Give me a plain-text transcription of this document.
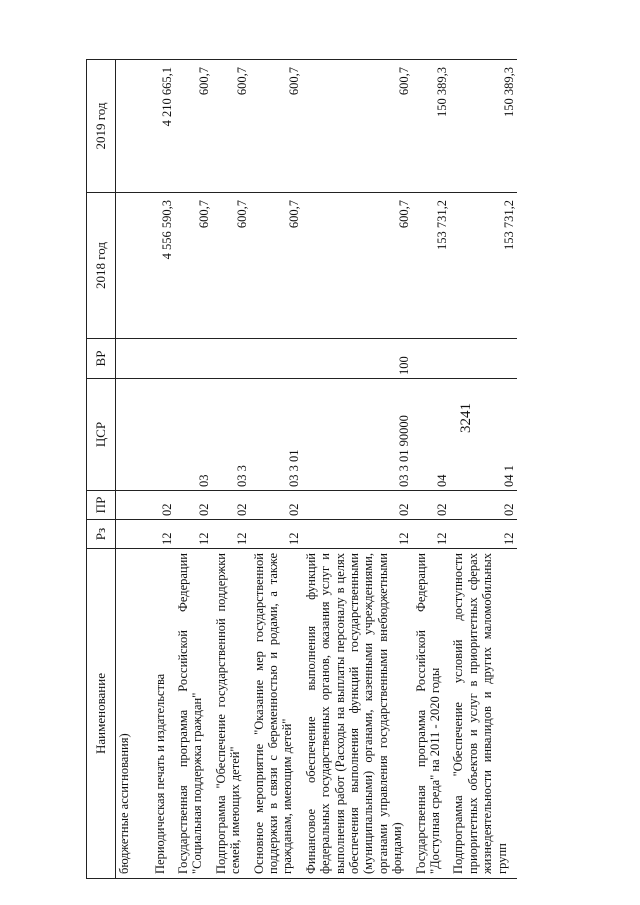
3241
Наименование	Рз	ПР	ЦСР	ВР	2018 год	2019 год
бюджетные ассигнования)						
Периодическая печать и издательства	12	02			4 556 590,3	4 210 665,1
Государственная программа Российской Федерации "Социальная поддержка граждан"	12	02	03		600,7	600,7
Подпрограмма "Обеспечение государственной поддержки семей, имеющих детей"	12	02	03 3		600,7	600,7
Основное мероприятие "Оказание мер государственной поддержки в связи с беременностью и родами, а также гражданам, имеющим детей"	12	02	03 3 01		600,7	600,7
Финансовое обеспечение выполнения функций федеральных государственных органов, оказания услуг и выполнения работ (Расходы на выплаты персоналу в целях обеспечения выполнения функций государственными (муниципальными) органами, казенными учреждениями, органами управления государственными внебюджетными фондами)	12	02	03 3 01 90000	100	600,7	600,7
Государственная программа Российской Федерации "Доступная среда" на 2011 - 2020 годы	12	02	04		153 731,2	150 389,3
Подпрограмма "Обеспечение условий доступности приоритетных объектов и услуг в приоритетных сферах жизнедеятельности инвалидов и других маломобильных групп	12	02	04 1		153 731,2	150 389,3
